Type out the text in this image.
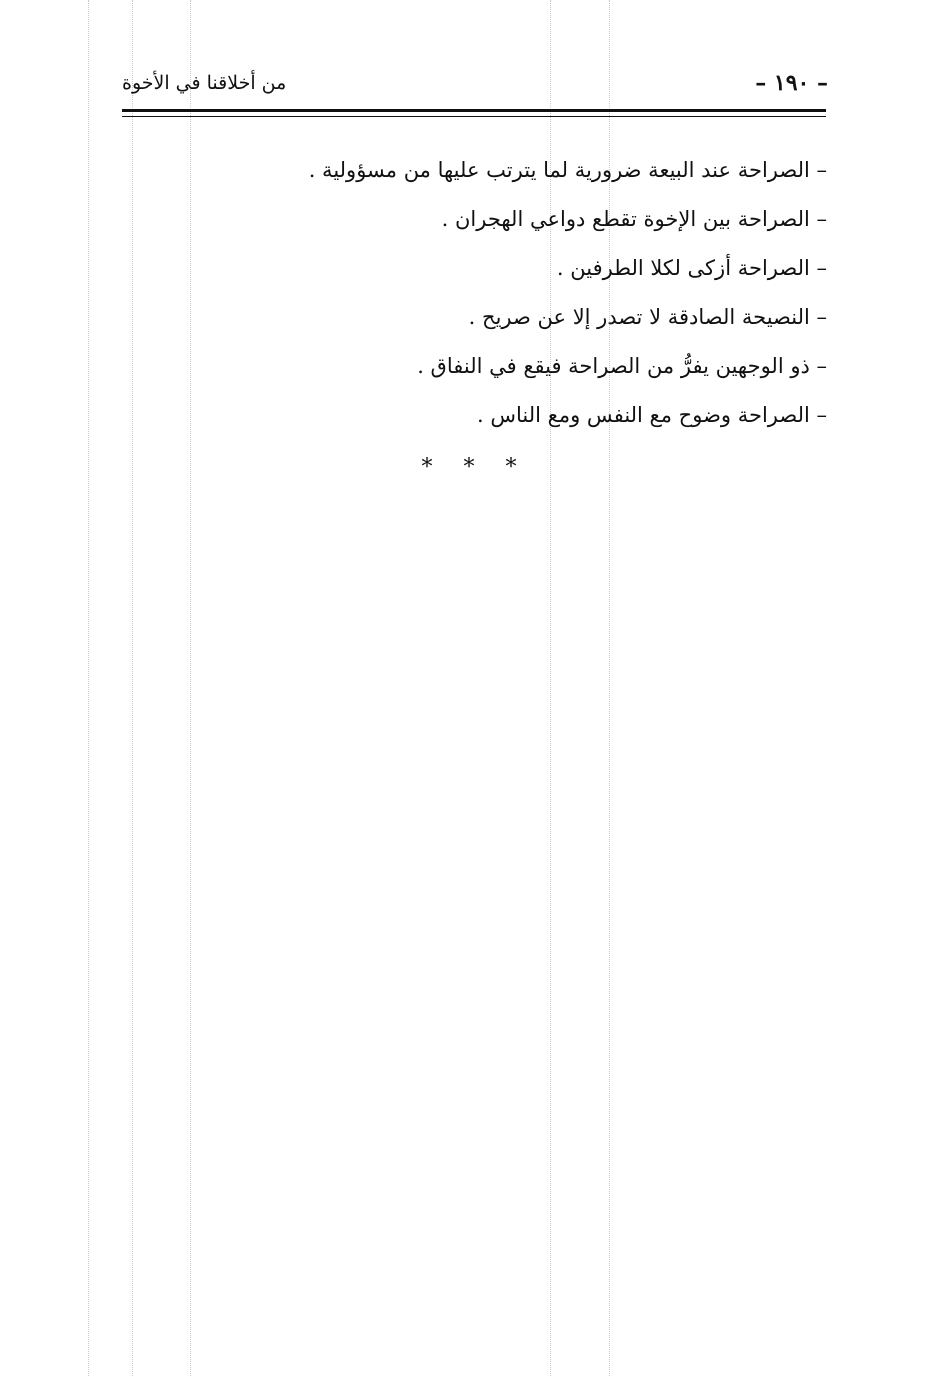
من أخلاقنا في الأخوة	– ١٩٠ –
– الصراحة عند البيعة ضرورية لما يترتب عليها من مسؤولية .
– الصراحة بين الإخوة تقطع دواعي الهجران .
– الصراحة أزكى لكلا الطرفين .
– النصيحة الصادقة لا تصدر إلا عن صريح .
– ذو الوجهين يفرُّ من الصراحة فيقع في النفاق .
– الصراحة وضوح مع النفس ومع الناس .
* * *
